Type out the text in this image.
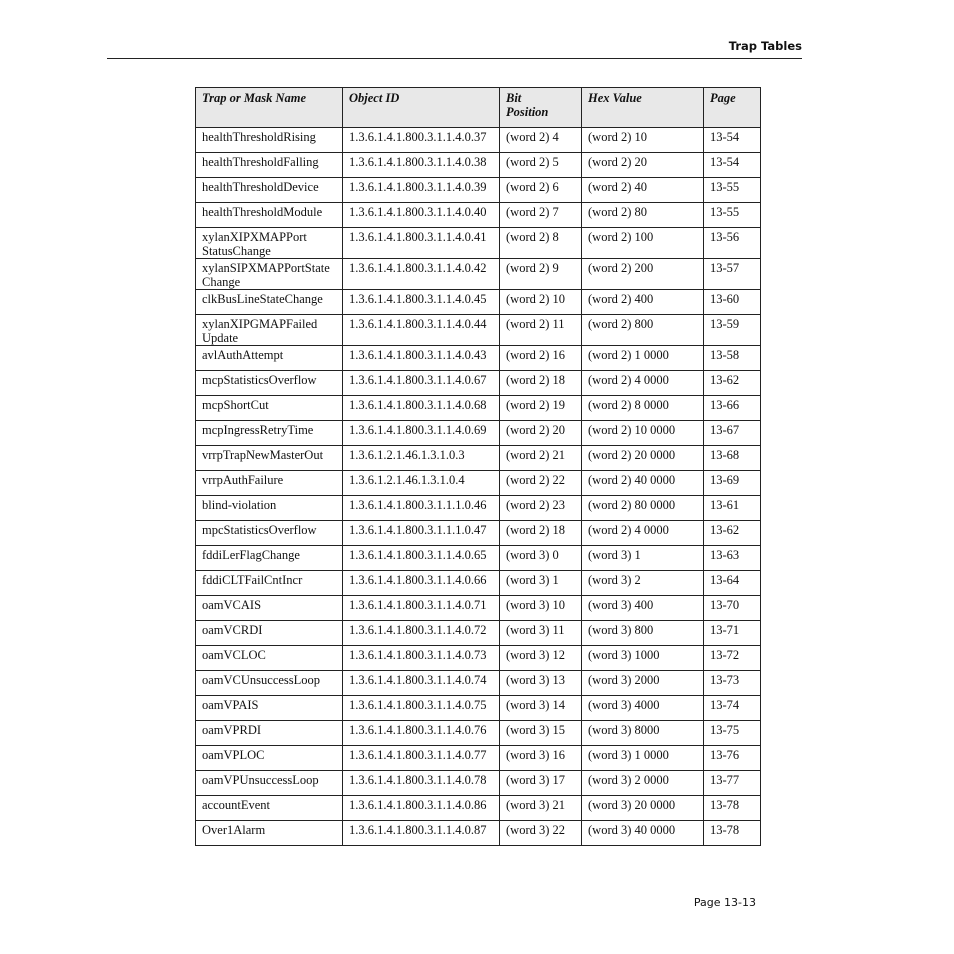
Trap Tables
Trap or Mask Name	Object ID	Bit Position	Hex Value	Page
healthThresholdRising	1.3.6.1.4.1.800.3.1.1.4.0.37	(word 2) 4	(word 2) 10	13-54
healthThresholdFalling	1.3.6.1.4.1.800.3.1.1.4.0.38	(word 2) 5	(word 2) 20	13-54
healthThresholdDevice	1.3.6.1.4.1.800.3.1.1.4.0.39	(word 2) 6	(word 2) 40	13-55
healthThresholdModule	1.3.6.1.4.1.800.3.1.1.4.0.40	(word 2) 7	(word 2) 80	13-55
xylanXIPXMAPPort StatusChange	1.3.6.1.4.1.800.3.1.1.4.0.41	(word 2) 8	(word 2) 100	13-56
xylanSIPXMAPPortState Change	1.3.6.1.4.1.800.3.1.1.4.0.42	(word 2) 9	(word 2) 200	13-57
clkBusLineStateChange	1.3.6.1.4.1.800.3.1.1.4.0.45	(word 2) 10	(word 2) 400	13-60
xylanXIPGMAPFailed Update	1.3.6.1.4.1.800.3.1.1.4.0.44	(word 2) 11	(word 2) 800	13-59
avlAuthAttempt	1.3.6.1.4.1.800.3.1.1.4.0.43	(word 2) 16	(word 2) 1 0000	13-58
mcpStatisticsOverflow	1.3.6.1.4.1.800.3.1.1.4.0.67	(word 2) 18	(word 2) 4 0000	13-62
mcpShortCut	1.3.6.1.4.1.800.3.1.1.4.0.68	(word 2) 19	(word 2) 8 0000	13-66
mcpIngressRetryTime	1.3.6.1.4.1.800.3.1.1.4.0.69	(word 2) 20	(word 2) 10 0000	13-67
vrrpTrapNewMasterOut	1.3.6.1.2.1.46.1.3.1.0.3	(word 2) 21	(word 2) 20 0000	13-68
vrrpAuthFailure	1.3.6.1.2.1.46.1.3.1.0.4	(word 2) 22	(word 2) 40 0000	13-69
blind-violation	1.3.6.1.4.1.800.3.1.1.1.0.46	(word 2) 23	(word 2) 80 0000	13-61
mpcStatisticsOverflow	1.3.6.1.4.1.800.3.1.1.1.0.47	(word 2) 18	(word 2) 4 0000	13-62
fddiLerFlagChange	1.3.6.1.4.1.800.3.1.1.4.0.65	(word 3) 0	(word 3) 1	13-63
fddiCLTFailCntIncr	1.3.6.1.4.1.800.3.1.1.4.0.66	(word 3) 1	(word 3) 2	13-64
oamVCAIS	1.3.6.1.4.1.800.3.1.1.4.0.71	(word 3) 10	(word 3) 400	13-70
oamVCRDI	1.3.6.1.4.1.800.3.1.1.4.0.72	(word 3) 11	(word 3) 800	13-71
oamVCLOC	1.3.6.1.4.1.800.3.1.1.4.0.73	(word 3) 12	(word 3) 1000	13-72
oamVCUnsuccessLoop	1.3.6.1.4.1.800.3.1.1.4.0.74	(word 3) 13	(word 3) 2000	13-73
oamVPAIS	1.3.6.1.4.1.800.3.1.1.4.0.75	(word 3) 14	(word 3) 4000	13-74
oamVPRDI	1.3.6.1.4.1.800.3.1.1.4.0.76	(word 3) 15	(word 3) 8000	13-75
oamVPLOC	1.3.6.1.4.1.800.3.1.1.4.0.77	(word 3) 16	(word 3) 1 0000	13-76
oamVPUnsuccessLoop	1.3.6.1.4.1.800.3.1.1.4.0.78	(word 3) 17	(word 3) 2 0000	13-77
accountEvent	1.3.6.1.4.1.800.3.1.1.4.0.86	(word 3) 21	(word 3) 20 0000	13-78
Over1Alarm	1.3.6.1.4.1.800.3.1.1.4.0.87	(word 3) 22	(word 3) 40 0000	13-78
Page 13-13
